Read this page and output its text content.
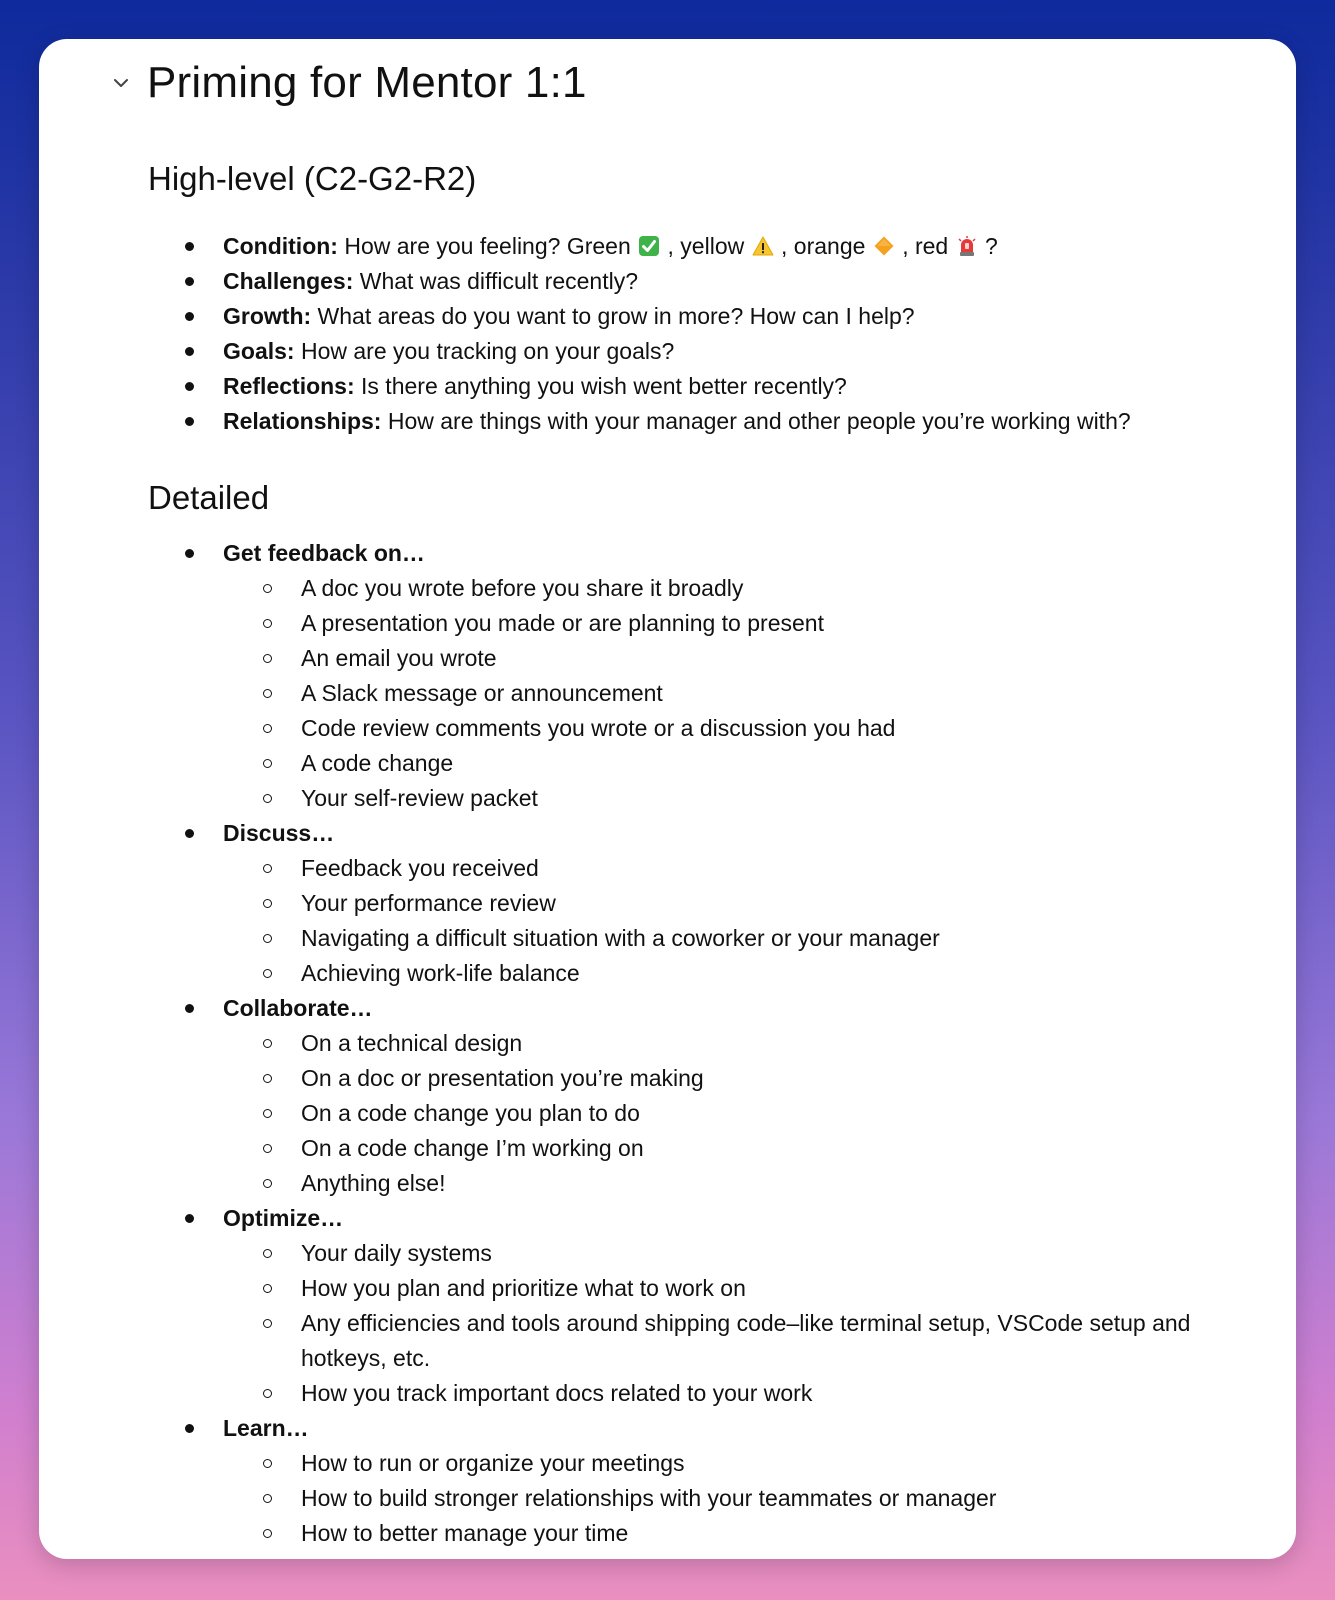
Priming for Mentor 1:1
High-level (C2-G2-R2)
Condition: How are you feeling? Green  , yellow  , orange  , red  ?
Challenges: What was difficult recently?
Growth: What areas do you want to grow in more? How can I help?
Goals: How are you tracking on your goals?
Reflections: Is there anything you wish went better recently?
Relationships: How are things with your manager and other people you’re working with?
Detailed
Get feedback on…
A doc you wrote before you share it broadly
A presentation you made or are planning to present
An email you wrote
A Slack message or announcement
Code review comments you wrote or a discussion you had
A code change
Your self-review packet
Discuss…
Feedback you received
Your performance review
Navigating a difficult situation with a coworker or your manager
Achieving work-life balance
Collaborate…
On a technical design
On a doc or presentation you’re making
On a code change you plan to do
On a code change I’m working on
Anything else!
Optimize…
Your daily systems
How you plan and prioritize what to work on
Any efficiencies and tools around shipping code–like terminal setup, VSCode setup and hotkeys, etc.
How you track important docs related to your work
Learn…
How to run or organize your meetings
How to build stronger relationships with your teammates or manager
How to better manage your time
